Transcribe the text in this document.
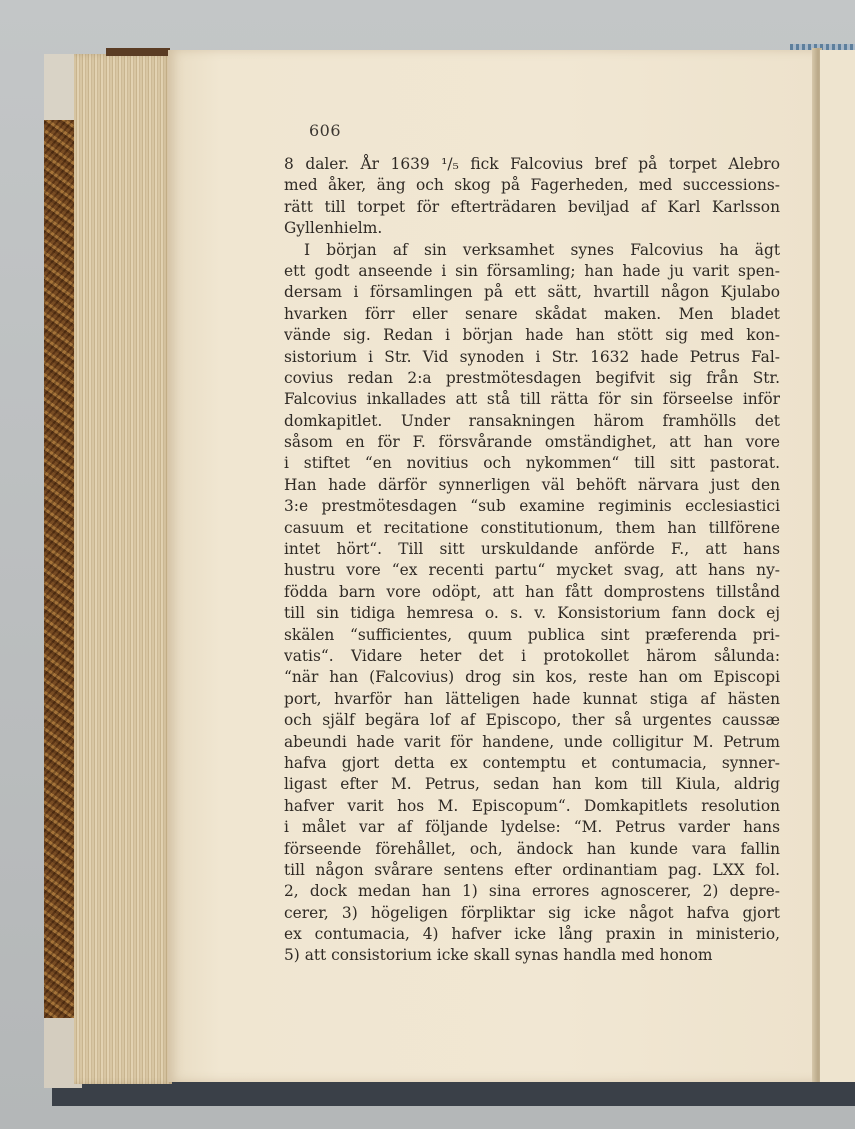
606
8 daler. År 1639 ¹/₅ fick Falcovius bref på torpet Alebro
med åker, äng och skog på Fagerheden, med successions-
rätt till torpet för efterträdaren beviljad af Karl Karlsson
Gyllenhielm.
I början af sin verksamhet synes Falcovius ha ägt
ett godt anseende i sin församling; han hade ju varit spen-
dersam i församlingen på ett sätt, hvartill någon Kjulabo
hvarken förr eller senare skådat maken. Men bladet
vände sig. Redan i början hade han stött sig med kon-
sistorium i Str. Vid synoden i Str. 1632 hade Petrus Fal-
covius redan 2:a prestmötesdagen begifvit sig från Str.
Falcovius inkallades att stå till rätta för sin förseelse inför
domkapitlet. Under ransakningen härom framhölls det
såsom en för F. försvårande omständighet, att han vore
i stiftet “en novitius och nykommen“ till sitt pastorat.
Han hade därför synnerligen väl behöft närvara just den
3:e prestmötesdagen “sub examine regiminis ecclesiastici
casuum et recitatione constitutionum, them han tillförene
intet hört“. Till sitt urskuldande anförde F., att hans
hustru vore “ex recenti partu“ mycket svag, att hans ny-
födda barn vore odöpt, att han fått domprostens tillstånd
till sin tidiga hemresa o. s. v. Konsistorium fann dock ej
skälen “sufficientes, quum publica sint præferenda pri-
vatis“. Vidare heter det i protokollet härom sålunda:
“när han (Falcovius) drog sin kos, reste han om Episcopi
port, hvarför han lätteligen hade kunnat stiga af hästen
och själf begära lof af Episcopo, ther så urgentes caussæ
abeundi hade varit för handene, unde colligitur M. Petrum
hafva gjort detta ex contemptu et contumacia, synner-
ligast efter M. Petrus, sedan han kom till Kiula, aldrig
hafver varit hos M. Episcopum“. Domkapitlets resolution
i målet var af följande lydelse: “M. Petrus varder hans
förseende förehållet, och, ändock han kunde vara fallin
till någon svårare sentens efter ordinantiam pag. LXX fol.
2, dock medan han 1) sina errores agnoscerer, 2) depre-
cerer, 3) högeligen förpliktar sig icke något hafva gjort
ex contumacia, 4) hafver icke lång praxin in ministerio,
5) att consistorium icke skall synas handla med honom
